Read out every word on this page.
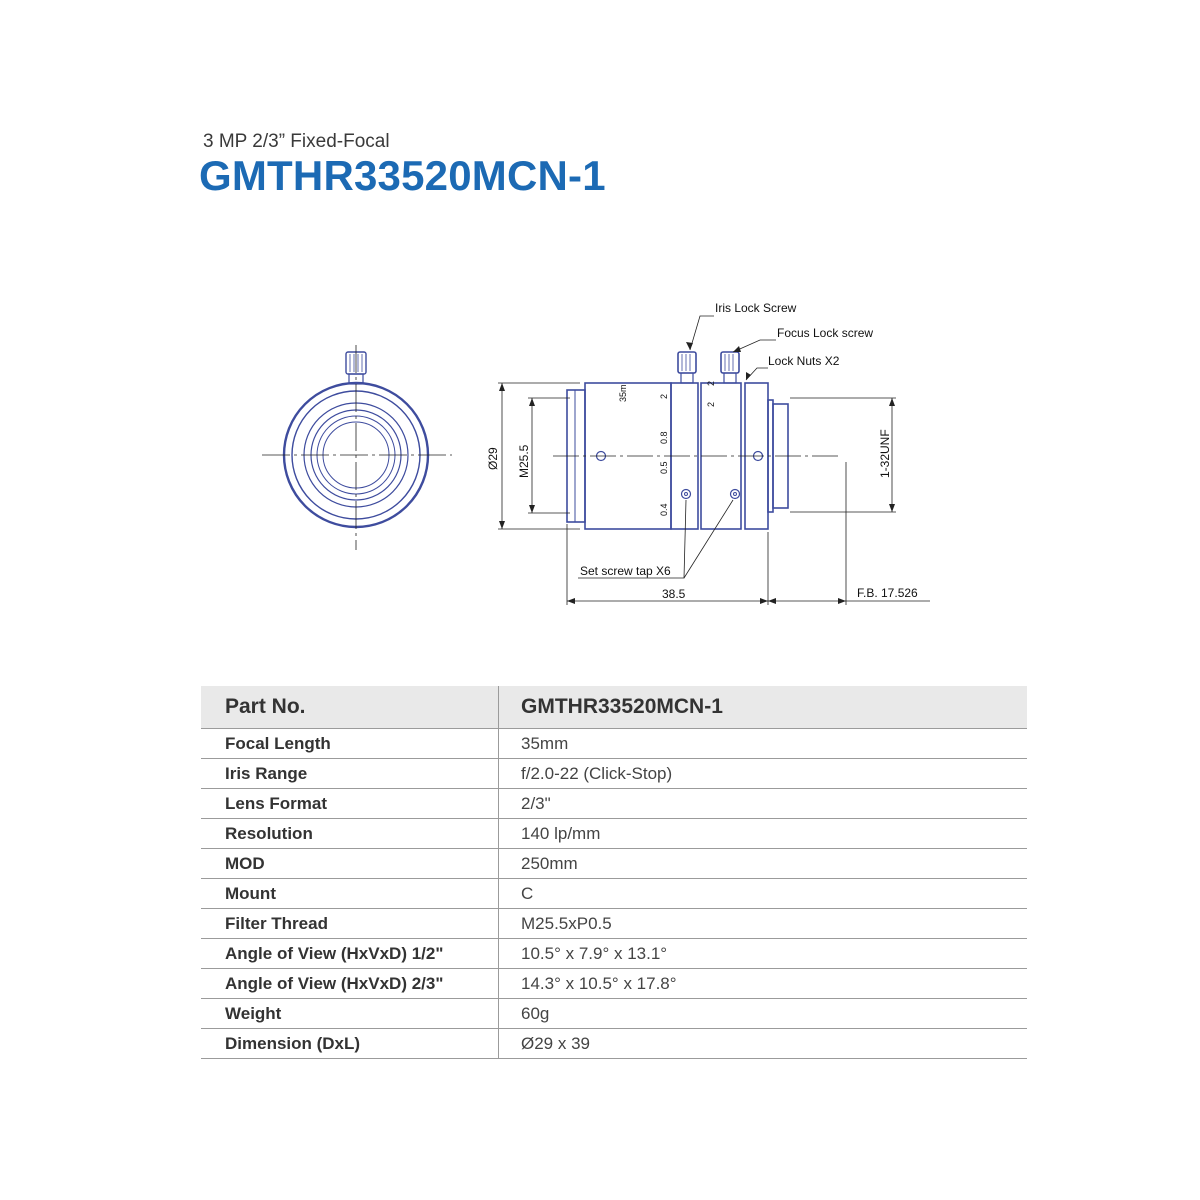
3 MP 2/3” Fixed-Focal
GMTHR33520MCN-1
Iris Lock Screw
Focus Lock screw
Lock Nuts X2
Set screw tap X6
38.5	F.B. 17.526
Ø29 M25.5	1-32UNF
35m	2
0.8
0.5
0.4
2
2
Part No.	GMTHR33520MCN-1
Focal Length	35mm
Iris Range	f/2.0-22 (Click-Stop)
Lens Format	2/3"
Resolution	140 lp/mm
MOD	250mm
Mount	C
Filter Thread	M25.5xP0.5
Angle of View (HxVxD) 1/2"	10.5° x 7.9° x 13.1°
Angle of View (HxVxD) 2/3"	14.3° x 10.5° x 17.8°
Weight	60g
Dimension (DxL)	Ø29 x 39
